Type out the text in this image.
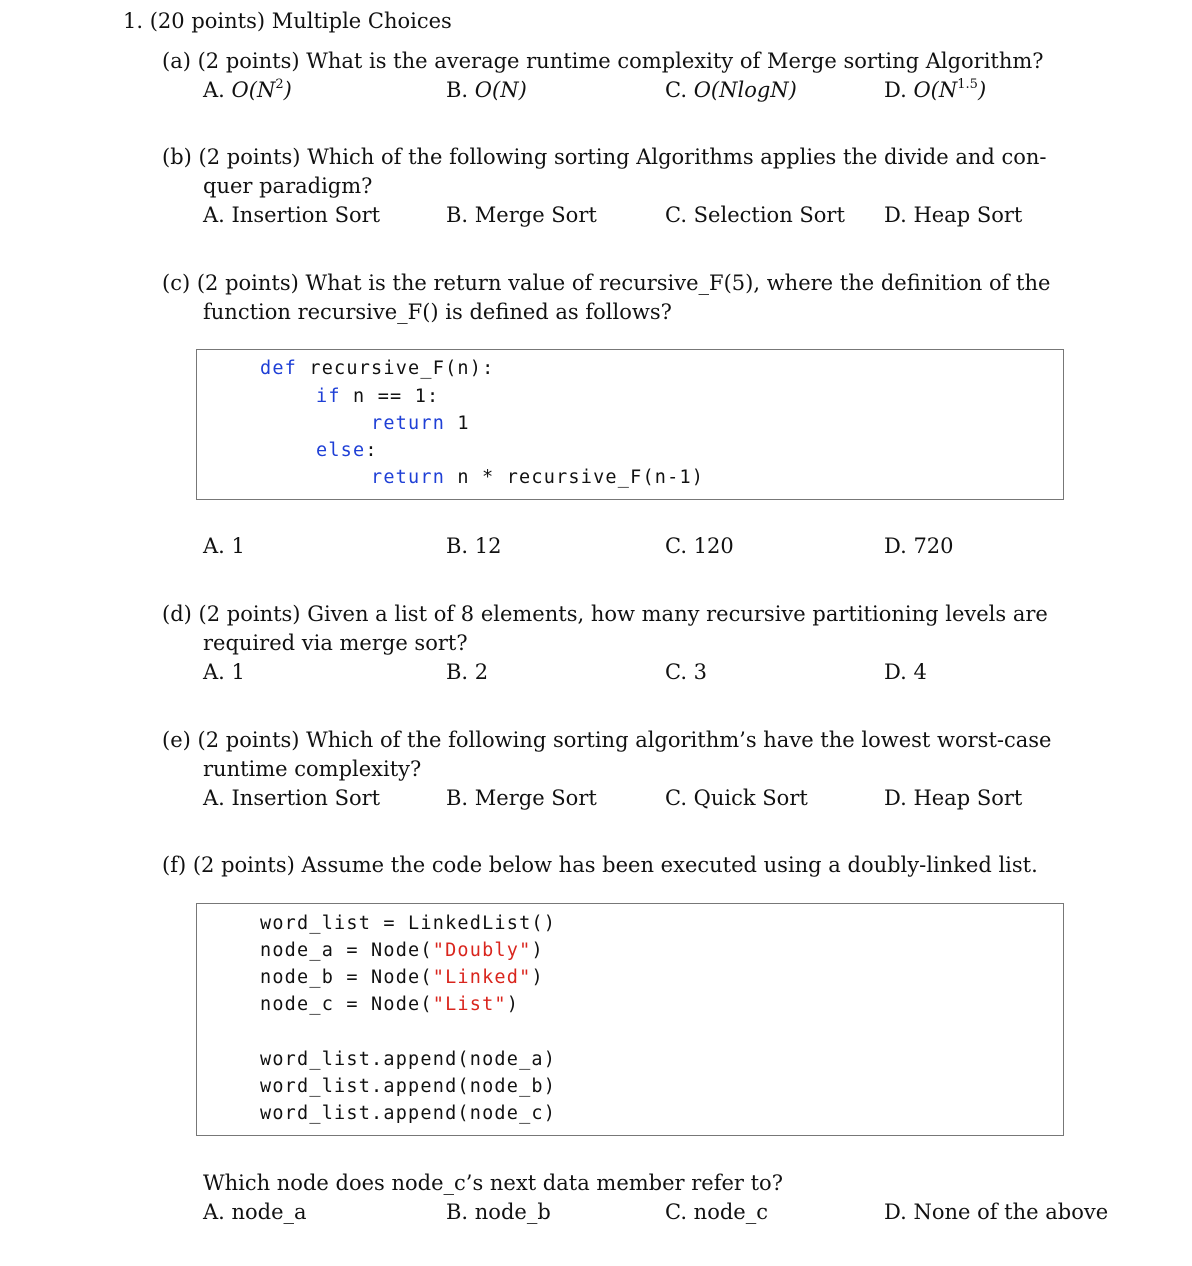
1. (20 points) Multiple Choices
(a) (2 points) What is the average runtime complexity of Merge sorting Algorithm?
A. $O(N^2)$	B. O(N)	C. O(NlogN)	D. $O(N^{1.5})$
(b) (2 points) Which of the following sorting Algorithms applies the divide and con-
quer paradigm?
A. Insertion Sort	B. Merge Sort	C. Selection Sort D. Heap Sort
(c) (2 points) What is the return value of recursive_F(5), where the definition of the
function recursive_F() is defined as follows?
def recursive_F(n):
if n == 1:
return 1
else:
return n * recursive_F(n-1)
A. 1	B. 12	C. 120	D. 720
(d) (2 points) Given a list of 8 elements, how many recursive partitioning levels are
required via merge sort?
A. 1	B. 2	C. 3	D. 4
(e) (2 points) Which of the following sorting algorithm’s have the lowest worst-case
runtime complexity?
A. Insertion Sort	B. Merge Sort	C. Quick Sort	D. Heap Sort
(f) (2 points) Assume the code below has been executed using a doubly-linked list.
word_list = LinkedList()
node_a = Node("Doubly")
node_b = Node("Linked")
node_c = Node("List")
word_list.append(node_a)
word_list.append(node_b)
word_list.append(node_c)
Which node does node_c’s next data member refer to?
A. node_a	B. node_b	C. node_c	D. None of the above
